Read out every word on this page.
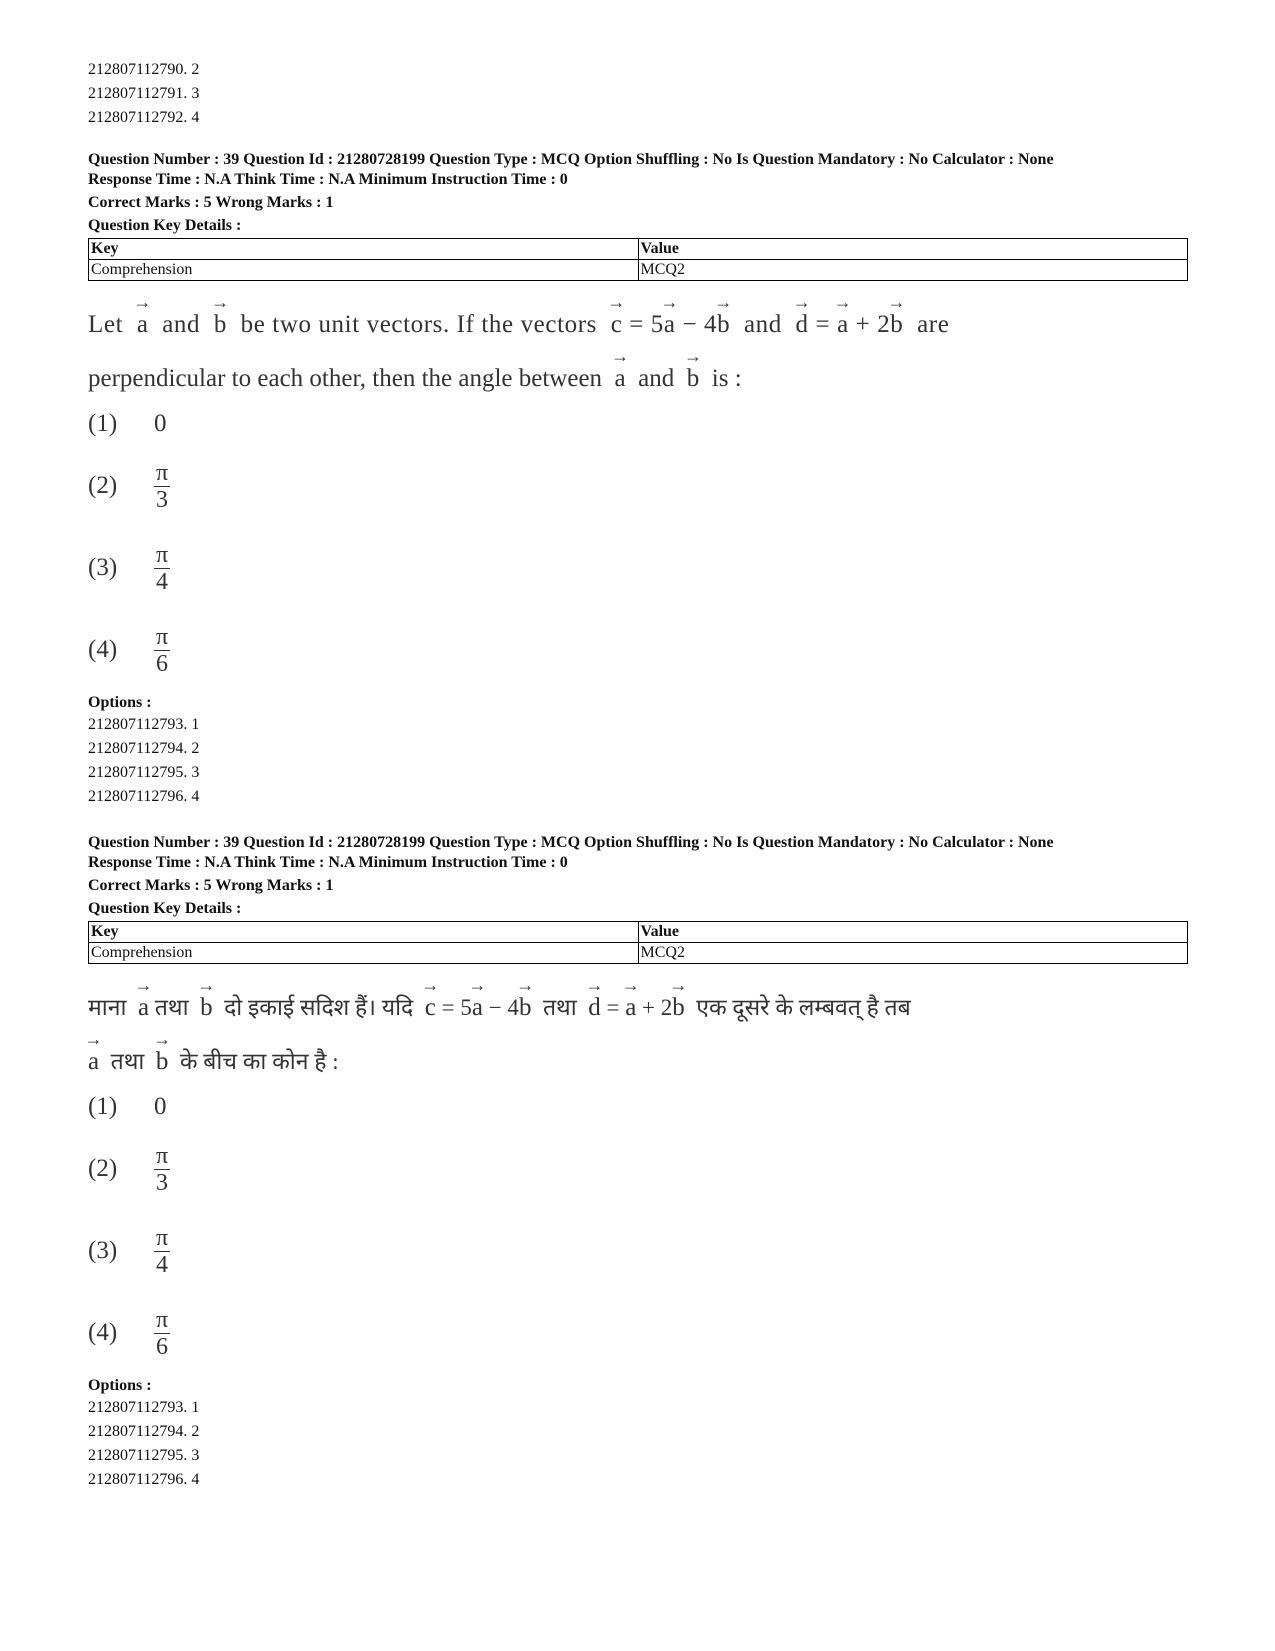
212807112790. 2
212807112791. 3
212807112792. 4
Question Number : 39 Question Id : 21280728199 Question Type : MCQ Option Shuffling : No Is Question Mandatory : No Calculator : None
Response Time : N.A Think Time : N.A Minimum Instruction Time : 0
Correct Marks : 5 Wrong Marks : 1
Question Key Details :
Key	Value
Comprehension	MCQ2
Let
→
a and
→
b be two unit vectors. If the vectors
→
c = 5
→
a − 4
→
b and
→
d =
→
a + 2
→
b are
perpendicular to each other, then the angle between
→
a and
→
b is :
(1)	0
(2)	$\frac{\pi}{3}$
(3)	$\frac{\pi}{4}$
(4)	$\frac{\pi}{6}$
Options :
212807112793. 1
212807112794. 2
212807112795. 3
212807112796. 4
Question Number : 39 Question Id : 21280728199 Question Type : MCQ Option Shuffling : No Is Question Mandatory : No Calculator : None
Response Time : N.A Think Time : N.A Minimum Instruction Time : 0
Correct Marks : 5 Wrong Marks : 1
Question Key Details :
Key	Value
Comprehension	MCQ2
माना
→
a तथा
→
b दो इकाई सदिश हैं। यदि
→
c = 5
→
a − 4
→
b तथा
→
d =
→
a + 2
→
b एक दूसरे के लम्बवत् है तब
→
a तथा
→
b के बीच का कोन है :
(1)	0
(2)	$\frac{\pi}{3}$
(3)	$\frac{\pi}{4}$
(4)	$\frac{\pi}{6}$
Options :
212807112793. 1
212807112794. 2
212807112795. 3
212807112796. 4
